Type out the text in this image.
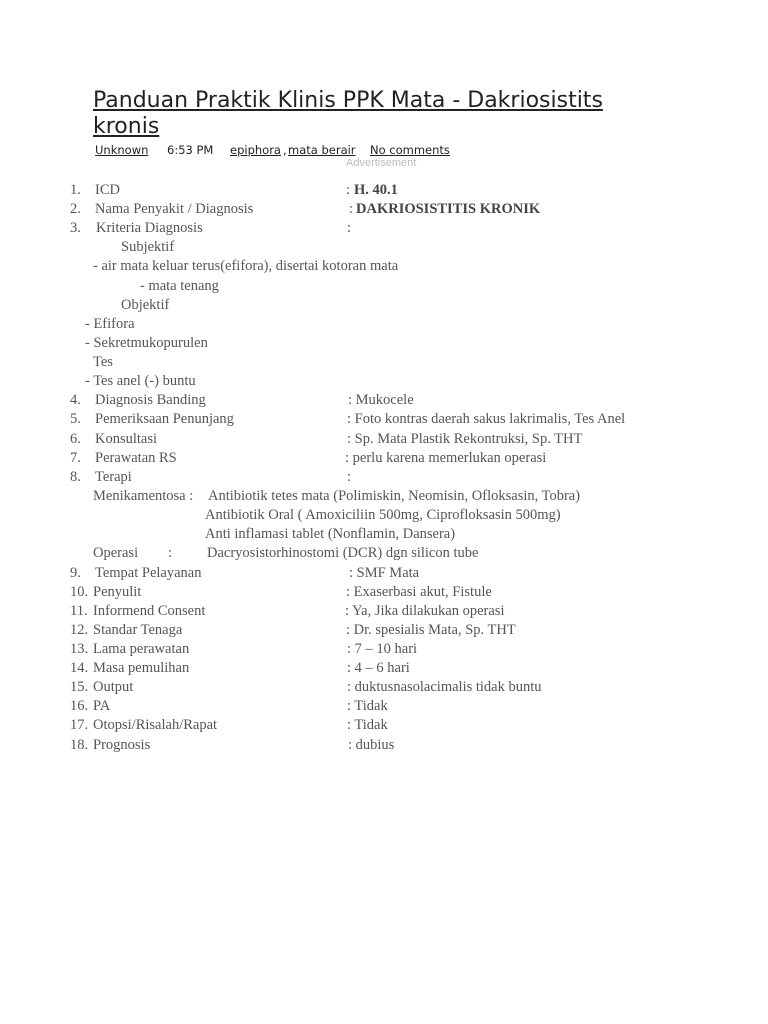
Panduan Praktik Klinis PPK Mata - Dakriosistits kronis
Unknown 6:53 PM epiphora , mata berair No comments
Advertisement
1. ICD	: H. 40.1
2. Nama Penyakit / Diagnosis	: DAKRIOSISTITIS KRONIK
3. Kriteria Diagnosis	:
Subjektif
- air mata keluar terus(efifora), disertai kotoran mata
- mata tenang
Objektif
- Efifora
- Sekretmukopurulen
Tes
- Tes anel (-) buntu
4. Diagnosis Banding	: Mukocele
5. Pemeriksaan Penunjang	: Foto kontras daerah sakus lakrimalis, Tes Anel
6. Konsultasi	: Sp. Mata Plastik Rekontruksi, Sp. THT
7. Perawatan RS	: perlu karena memerlukan operasi
8. Terapi	:
Menikamentosa : Antibiotik tetes mata (Polimiskin, Neomisin, Ofloksasin, Tobra)
Antibiotik Oral ( Amoxiciliin 500mg, Ciprofloksasin 500mg)
Anti inflamasi tablet (Nonflamin, Dansera)
Operasi : Dacryosistorhinostomi (DCR) dgn silicon tube
9. Tempat Pelayanan	: SMF Mata
10. Penyulit	: Exaserbasi akut, Fistule
11. Informend Consent	: Ya, Jika dilakukan operasi
12. Standar Tenaga	: Dr. spesialis Mata, Sp. THT
13. Lama perawatan	: 7 – 10 hari
14. Masa pemulihan	: 4 – 6 hari
15. Output	: duktusnasolacimalis tidak buntu
16. PA	: Tidak
17. Otopsi/Risalah/Rapat	: Tidak
18. Prognosis	: dubius
